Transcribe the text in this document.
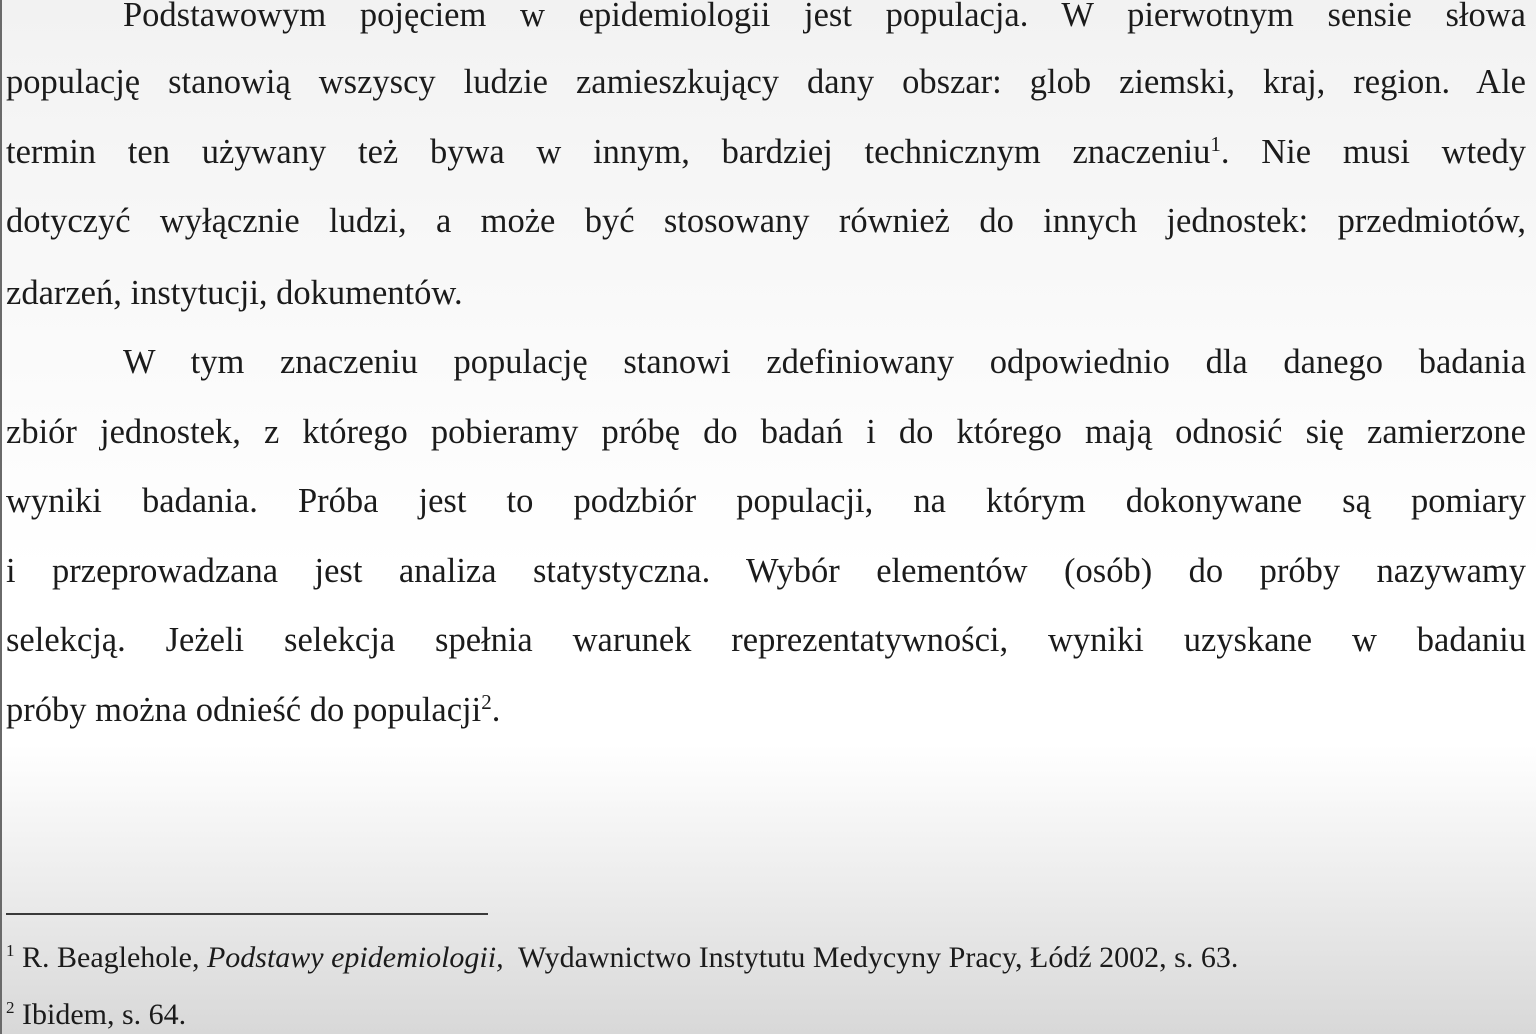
Podstawowym pojęciem w epidemiologii jest populacja. W pierwotnym sensie słowa
populację stanowią wszyscy ludzie zamieszkujący dany obszar: glob ziemski, kraj, region. Ale
termin ten używany też bywa w innym, bardziej technicznym znaczeniu$^1$. Nie musi wtedy
dotyczyć wyłącznie ludzi, a może być stosowany również do innych jednostek: przedmiotów,
zdarzeń, instytucji, dokumentów.
W tym znaczeniu populację stanowi zdefiniowany odpowiednio dla danego badania
zbiór jednostek, z którego pobieramy próbę do badań i do którego mają odnosić się zamierzone
wyniki badania. Próba jest to podzbiór populacji, na którym dokonywane są pomiary
i przeprowadzana jest analiza statystyczna. Wybór elementów (osób) do próby nazywamy
selekcją. Jeżeli selekcja spełnia warunek reprezentatywności, wyniki uzyskane w badaniu
próby można odnieść do populacji$^2$.
$^1$ R. Beaglehole, Podstawy epidemiologii,  Wydawnictwo Instytutu Medycyny Pracy, Łódź 2002, s. 63.
$^2$ Ibidem, s. 64.
